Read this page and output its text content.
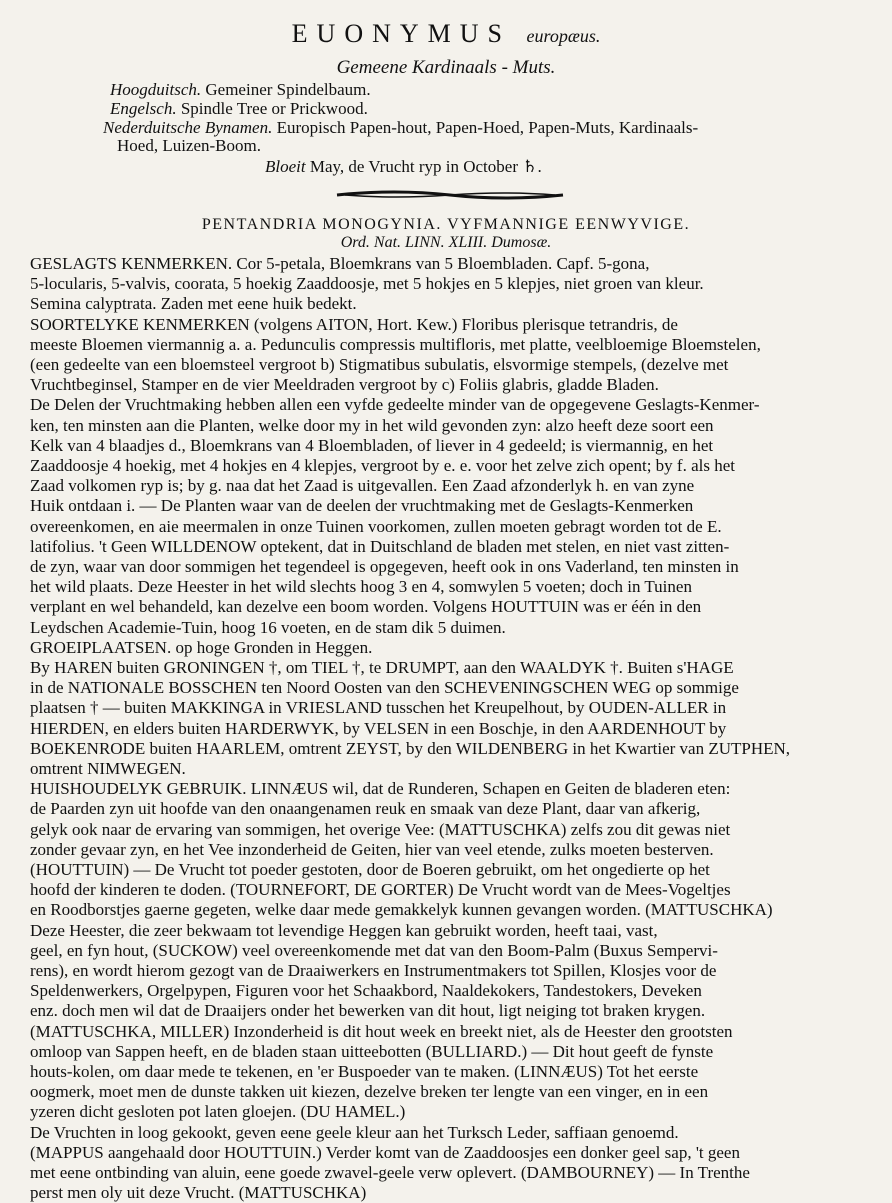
EUONYMUS europæus.
Gemeene Kardinaals - Muts.
Hoogduitsch. Gemeiner Spindelbaum.
Engelsch. Spindle Tree or Prickwood.
Nederduitsche Bynamen. Europisch Papen-hout, Papen-Hoed, Papen-Muts, Kardinaals-
Hoed, Luizen-Boom.
Bloeit May, de Vrucht ryp in October ♄.
PENTANDRIA MONOGYNIA. VYFMANNIGE EENWYVIGE.
Ord. Nat. LINN. XLIII. Dumosæ.
GESLAGTS KENMERKEN. Cor 5-petala, Bloemkrans van 5 Bloembladen. Capf. 5-gona,
5-locularis, 5-valvis, coorata, 5 hoekig Zaaddoosje, met 5 hokjes en 5 klepjes, niet groen van kleur.
Semina calyptrata. Zaden met eene huik bedekt.
SOORTELYKE KENMERKEN (volgens AITON, Hort. Kew.) Floribus plerisque tetrandris, de
meeste Bloemen viermannig a. a. Pedunculis compressis multifloris, met platte, veelbloemige Bloemstelen,
(een gedeelte van een bloemsteel vergroot b) Stigmatibus subulatis, elsvormige stempels, (dezelve met
Vruchtbeginsel, Stamper en de vier Meeldraden vergroot by c) Foliis glabris, gladde Bladen.
De Delen der Vruchtmaking hebben allen een vyfde gedeelte minder van de opgegevene Geslagts-Kenmer-
ken, ten minsten aan die Planten, welke door my in het wild gevonden zyn: alzo heeft deze soort een
Kelk van 4 blaadjes d., Bloemkrans van 4 Bloembladen, of liever in 4 gedeeld; is viermannig, en het
Zaaddoosje 4 hoekig, met 4 hokjes en 4 klepjes, vergroot by e. e. voor het zelve zich opent; by f. als het
Zaad volkomen ryp is; by g. naa dat het Zaad is uitgevallen. Een Zaad afzonderlyk h. en van zyne
Huik ontdaan i. — De Planten waar van de deelen der vruchtmaking met de Geslagts-Kenmerken
overeenkomen, en aie meermalen in onze Tuinen voorkomen, zullen moeten gebragt worden tot de E.
latifolius. 't Geen WILLDENOW optekent, dat in Duitschland de bladen met stelen, en niet vast zitten-
de zyn, waar van door sommigen het tegendeel is opgegeven, heeft ook in ons Vaderland, ten minsten in
het wild plaats. Deze Heester in het wild slechts hoog 3 en 4, somwylen 5 voeten; doch in Tuinen
verplant en wel behandeld, kan dezelve een boom worden. Volgens HOUTTUIN was er één in den
Leydschen Academie-Tuin, hoog 16 voeten, en de stam dik 5 duimen.
GROEIPLAATSEN. op hoge Gronden in Heggen.
By HAREN buiten GRONINGEN †, om TIEL †, te DRUMPT, aan den WAALDYK †. Buiten s'HAGE
in de NATIONALE BOSSCHEN ten Noord Oosten van den SCHEVENINGSCHEN WEG op sommige
plaatsen † — buiten MAKKINGA in VRIESLAND tusschen het Kreupelhout, by OUDEN-ALLER in
HIERDEN, en elders buiten HARDERWYK, by VELSEN in een Boschje, in den AARDENHOUT by
BOEKENRODE buiten HAARLEM, omtrent ZEYST, by den WILDENBERG in het Kwartier van ZUTPHEN,
omtrent NIMWEGEN.
HUISHOUDELYK GEBRUIK. LINNÆUS wil, dat de Runderen, Schapen en Geiten de bladeren eten:
de Paarden zyn uit hoofde van den onaangenamen reuk en smaak van deze Plant, daar van afkerig,
gelyk ook naar de ervaring van sommigen, het overige Vee: (MATTUSCHKA) zelfs zou dit gewas niet
zonder gevaar zyn, en het Vee inzonderheid de Geiten, hier van veel etende, zulks moeten besterven.
(HOUTTUIN) — De Vrucht tot poeder gestoten, door de Boeren gebruikt, om het ongedierte op het
hoofd der kinderen te doden. (TOURNEFORT, DE GORTER) De Vrucht wordt van de Mees-Vogeltjes
en Roodborstjes gaerne gegeten, welke daar mede gemakkelyk kunnen gevangen worden. (MATTUSCHKA)
Deze Heester, die zeer bekwaam tot levendige Heggen kan gebruikt worden, heeft taai, vast,
geel, en fyn hout, (SUCKOW) veel overeenkomende met dat van den Boom-Palm (Buxus Sempervi-
rens), en wordt hierom gezogt van de Draaiwerkers en Instrumentmakers tot Spillen, Klosjes voor de
Speldenwerkers, Orgelpypen, Figuren voor het Schaakbord, Naaldekokers, Tandestokers, Deveken
enz. doch men wil dat de Draaijers onder het bewerken van dit hout, ligt neiging tot braken krygen.
(MATTUSCHKA, MILLER) Inzonderheid is dit hout week en breekt niet, als de Heester den grootsten
omloop van Sappen heeft, en de bladen staan uitteebotten (BULLIARD.) — Dit hout geeft de fynste
houts-kolen, om daar mede te tekenen, en 'er Buspoeder van te maken. (LINNÆUS) Tot het eerste
oogmerk, moet men de dunste takken uit kiezen, dezelve breken ter lengte van een vinger, en in een
yzeren dicht gesloten pot laten gloejen. (DU HAMEL.)
De Vruchten in loog gekookt, geven eene geele kleur aan het Turksch Leder, saffiaan genoemd.
(MAPPUS aangehaald door HOUTTUIN.) Verder komt van de Zaaddoosjes een donker geel sap, 't geen
met eene ontbinding van aluin, eene goede zwavel-geele verw oplevert. (DAMBOURNEY) — In Trenthe
perst men oly uit deze Vrucht. (MATTUSCHKA)
